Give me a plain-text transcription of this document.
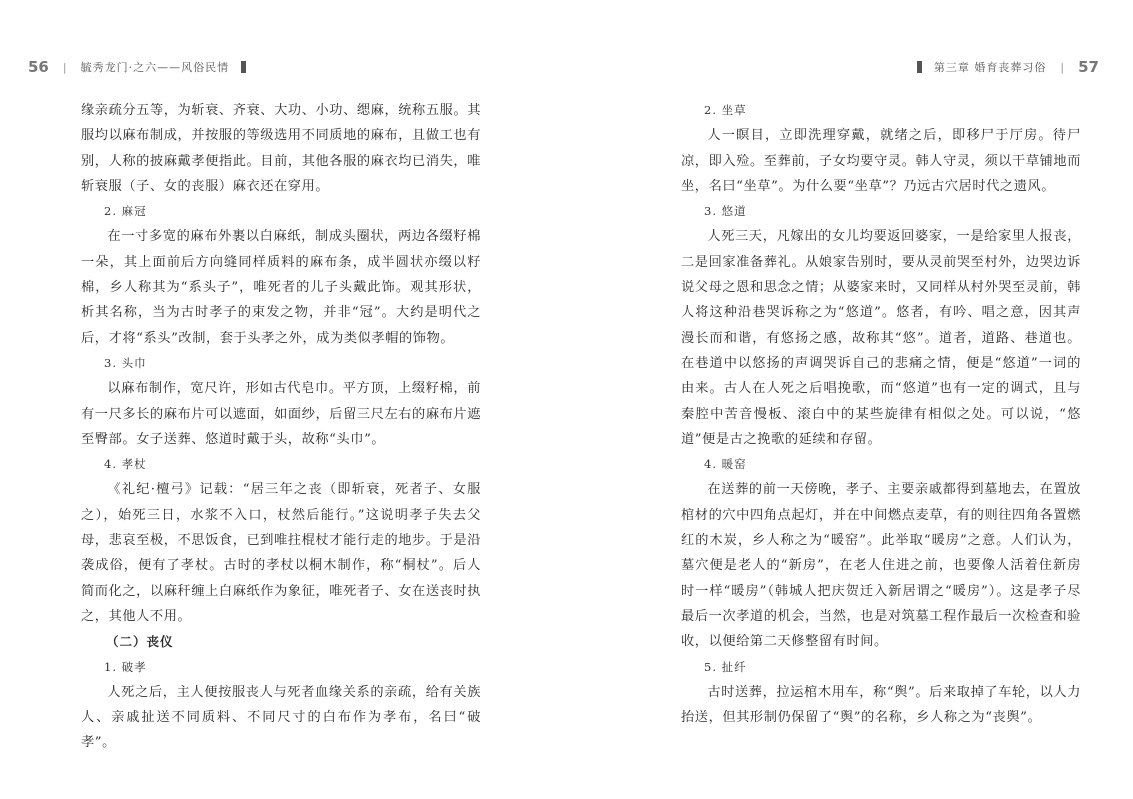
56 | 毓秀龙门·之六——风俗民情

缘亲疏分五等，为斩衰、齐衰、大功、小功、缌麻，统称五服。其服均以麻布制成，并按服的等级选用不同质地的麻布，且做工也有别，人称的披麻戴孝便指此。目前，其他各服的麻衣均已消失，唯斩衰服（子、女的丧服）麻衣还在穿用。

2. 麻冠

在一寸多宽的麻布外裹以白麻纸，制成头圈状，两边各缀籽棉一朵，其上面前后方向缝同样质料的麻布条，成半圆状亦缀以籽棉，乡人称其为“系头子”，唯死者的儿子头戴此饰。观其形状，析其名称，当为古时孝子的束发之物，并非“冠”。大约是明代之后，才将“系头”改制，套于头孝之外，成为类似孝帽的饰物。

3. 头巾

以麻布制作，宽尺许，形如古代皂巾。平方顶，上缀籽棉，前有一尺多长的麻布片可以遮面，如面纱，后留三尺左右的麻布片遮至臀部。女子送葬、悠道时戴于头，故称“头巾”。

4. 孝杖

《礼纪·檀弓》记载：“居三年之丧（即斩衰，死者子、女服之），始死三日，水浆不入口，杖然后能行。”这说明孝子失去父母，悲哀至极，不思饭食，已到唯拄棍杖才能行走的地步。于是沿袭成俗，便有了孝杖。古时的孝杖以桐木制作，称“桐杖”。后人简而化之，以麻秆缠上白麻纸作为象征，唯死者子、女在送丧时执之，其他人不用。

（二）丧仪

1. 破孝

人死之后，主人便按服丧人与死者血缘关系的亲疏，给有关族人、亲戚扯送不同质料、不同尺寸的白布作为孝布，名曰“破孝”。

第三章 婚育丧葬习俗 | 57

2. 坐草

人一瞑目，立即洗理穿戴，就绪之后，即移尸于厅房。待尸凉，即入殓。至葬前，子女均要守灵。韩人守灵，须以干草铺地而坐，名曰“坐草”。为什么要“坐草”？乃远古穴居时代之遗风。

3. 悠道

人死三天，凡嫁出的女儿均要返回婆家，一是给家里人报丧，二是回家准备葬礼。从娘家告别时，要从灵前哭至村外，边哭边诉说父母之恩和思念之情；从婆家来时，又同样从村外哭至灵前，韩人将这种沿巷哭诉称之为“悠道”。悠者，有吟、唱之意，因其声漫长而和谐，有悠扬之感，故称其“悠”。道者，道路、巷道也。在巷道中以悠扬的声调哭诉自己的悲痛之情，便是“悠道”一词的由来。古人在人死之后唱挽歌，而“悠道”也有一定的调式，且与秦腔中苦音慢板、滚白中的某些旋律有相似之处。可以说，“悠道”便是古之挽歌的延续和存留。

4. 暖窑

在送葬的前一天傍晚，孝子、主要亲戚都得到墓地去，在置放棺材的穴中四角点起灯，并在中间燃点麦草，有的则往四角各置燃红的木炭，乡人称之为“暖窑”。此举取“暖房”之意。人们认为，墓穴便是老人的“新房”，在老人住进之前，也要像人活着住新房时一样“暖房”（韩城人把庆贺迁入新居谓之“暖房”）。这是孝子尽最后一次孝道的机会，当然，也是对筑墓工程作最后一次检查和验收，以便给第二天修整留有时间。

5. 扯纤

古时送葬，拉运棺木用车，称“舆”。后来取掉了车轮，以人力抬送，但其形制仍保留了“舆”的名称，乡人称之为“丧舆”。
